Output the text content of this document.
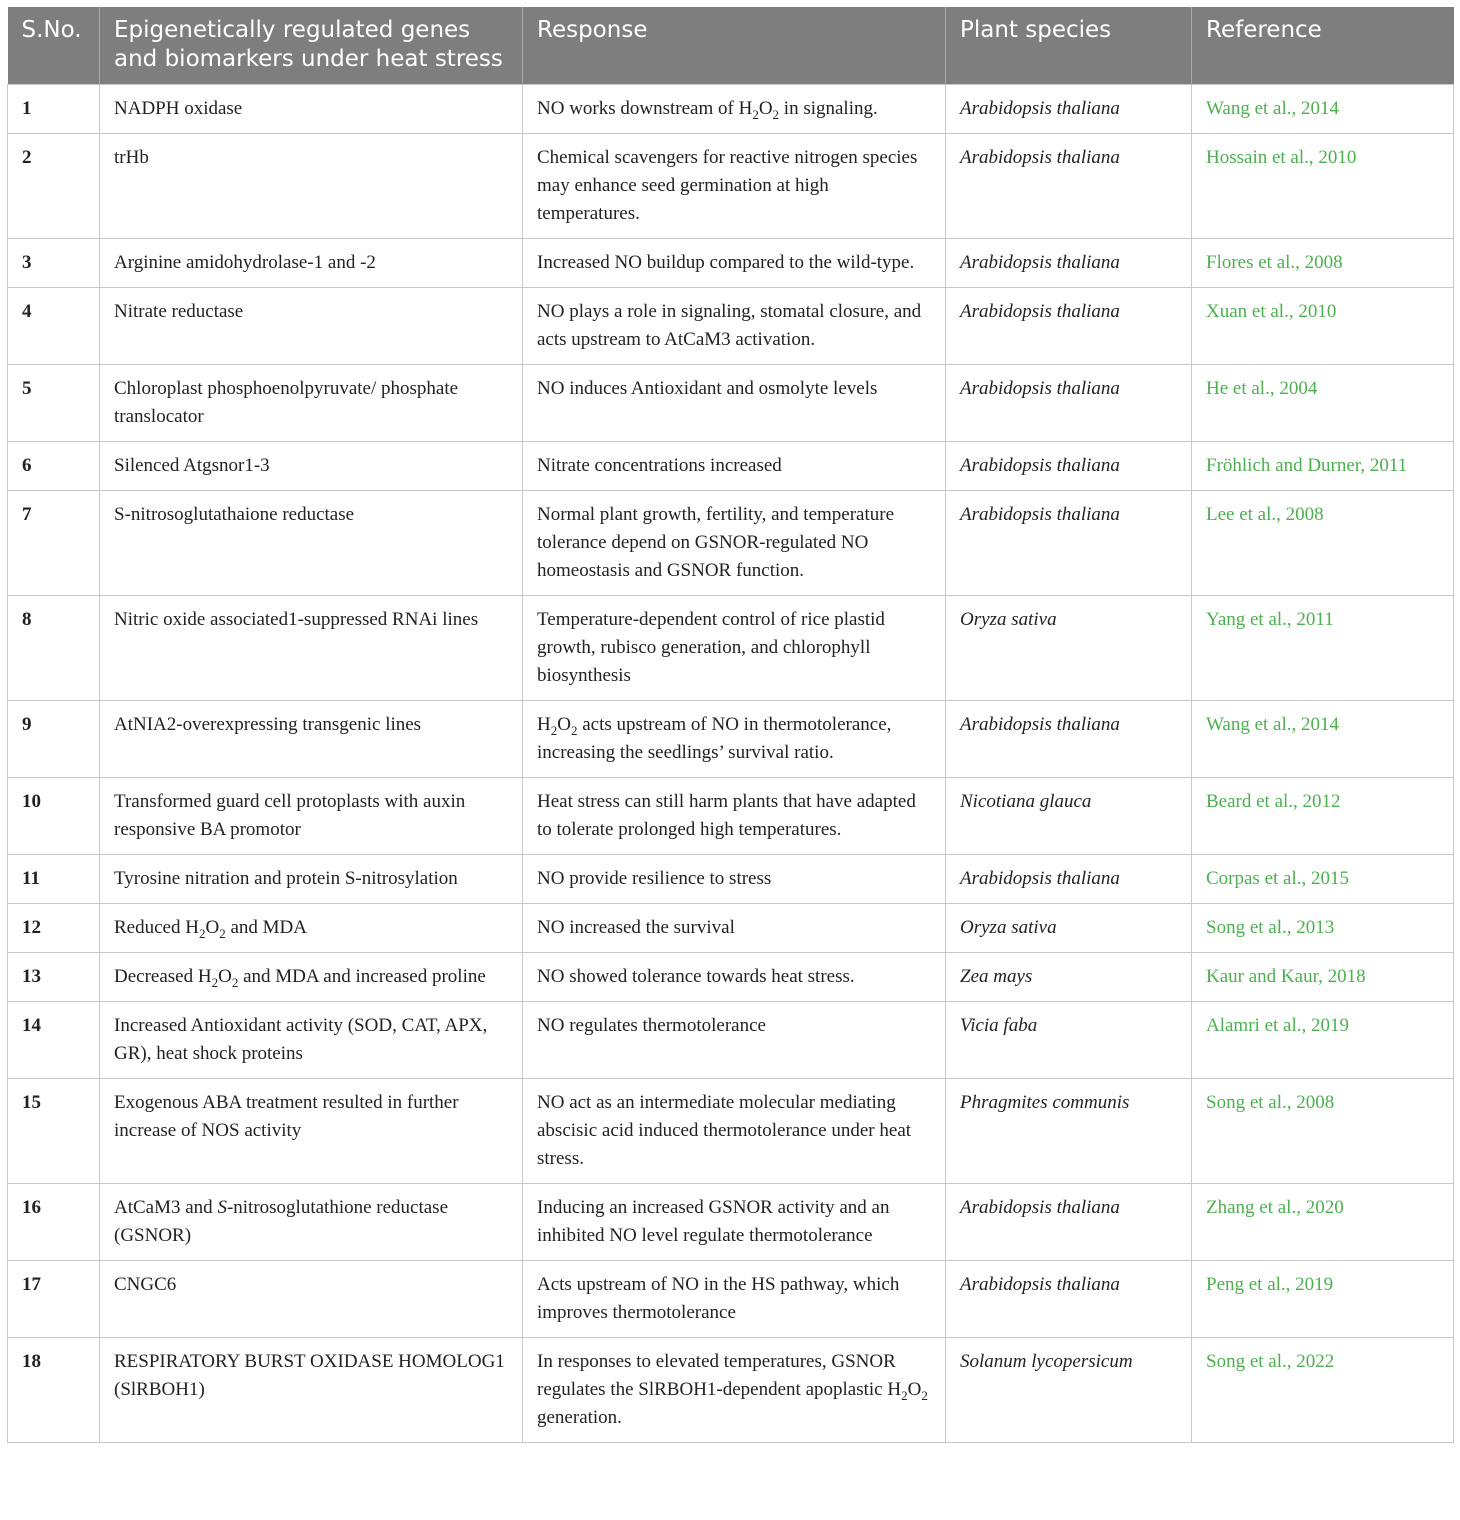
S.No.	Epigenetically regulated genes and biomarkers under heat stress	Response	Plant species	Reference
1	NADPH oxidase	NO works downstream of $H_2O_2$ in signaling.	Arabidopsis thaliana	Wang et al., 2014
2	trHb	Chemical scavengers for reactive nitrogen species may enhance seed germination at high temperatures.	Arabidopsis thaliana	Hossain et al., 2010
3	Arginine amidohydrolase-1 and -2	Increased NO buildup compared to the wild-type.	Arabidopsis thaliana	Flores et al., 2008
4	Nitrate reductase	NO plays a role in signaling, stomatal closure, and acts upstream to AtCaM3 activation.	Arabidopsis thaliana	Xuan et al., 2010
5	Chloroplast phosphoenolpyruvate/ phosphate translocator	NO induces Antioxidant and osmolyte levels	Arabidopsis thaliana	He et al., 2004
6	Silenced Atgsnor1-3	Nitrate concentrations increased	Arabidopsis thaliana	Fröhlich and Durner, 2011
7	S-nitrosoglutathaione reductase	Normal plant growth, fertility, and temperature tolerance depend on GSNOR-regulated NO homeostasis and GSNOR function.	Arabidopsis thaliana	Lee et al., 2008
8	Nitric oxide associated1-suppressed RNAi lines	Temperature-dependent control of rice plastid growth, rubisco generation, and chlorophyll biosynthesis	Oryza sativa	Yang et al., 2011
9	AtNIA2-overexpressing transgenic lines	$H_2O_2$ acts upstream of NO in thermotolerance, increasing the seedlings’ survival ratio.	Arabidopsis thaliana	Wang et al., 2014
10	Transformed guard cell protoplasts with auxin responsive BA promotor	Heat stress can still harm plants that have adapted to tolerate prolonged high temperatures.	Nicotiana glauca	Beard et al., 2012
11	Tyrosine nitration and protein S-nitrosylation	NO provide resilience to stress	Arabidopsis thaliana	Corpas et al., 2015
12	Reduced $H_2O_2$ and MDA	NO increased the survival	Oryza sativa	Song et al., 2013
13	Decreased $H_2O_2$ and MDA and increased proline	NO showed tolerance towards heat stress.	Zea mays	Kaur and Kaur, 2018
14	Increased Antioxidant activity (SOD, CAT, APX, GR), heat shock proteins	NO regulates thermotolerance	Vicia faba	Alamri et al., 2019
15	Exogenous ABA treatment resulted in further increase of NOS activity	NO act as an intermediate molecular mediating abscisic acid induced thermotolerance under heat stress.	Phragmites communis	Song et al., 2008
16	AtCaM3 and S-nitrosoglutathione reductase (GSNOR)	Inducing an increased GSNOR activity and an inhibited NO level regulate thermotolerance	Arabidopsis thaliana	Zhang et al., 2020
17	CNGC6	Acts upstream of NO in the HS pathway, which improves thermotolerance	Arabidopsis thaliana	Peng et al., 2019
18	RESPIRATORY BURST OXIDASE HOMOLOG1 (SlRBOH1)	In responses to elevated temperatures, GSNOR regulates the SlRBOH1-dependent apoplastic $H_2O_2$ generation.	Solanum lycopersicum	Song et al., 2022
